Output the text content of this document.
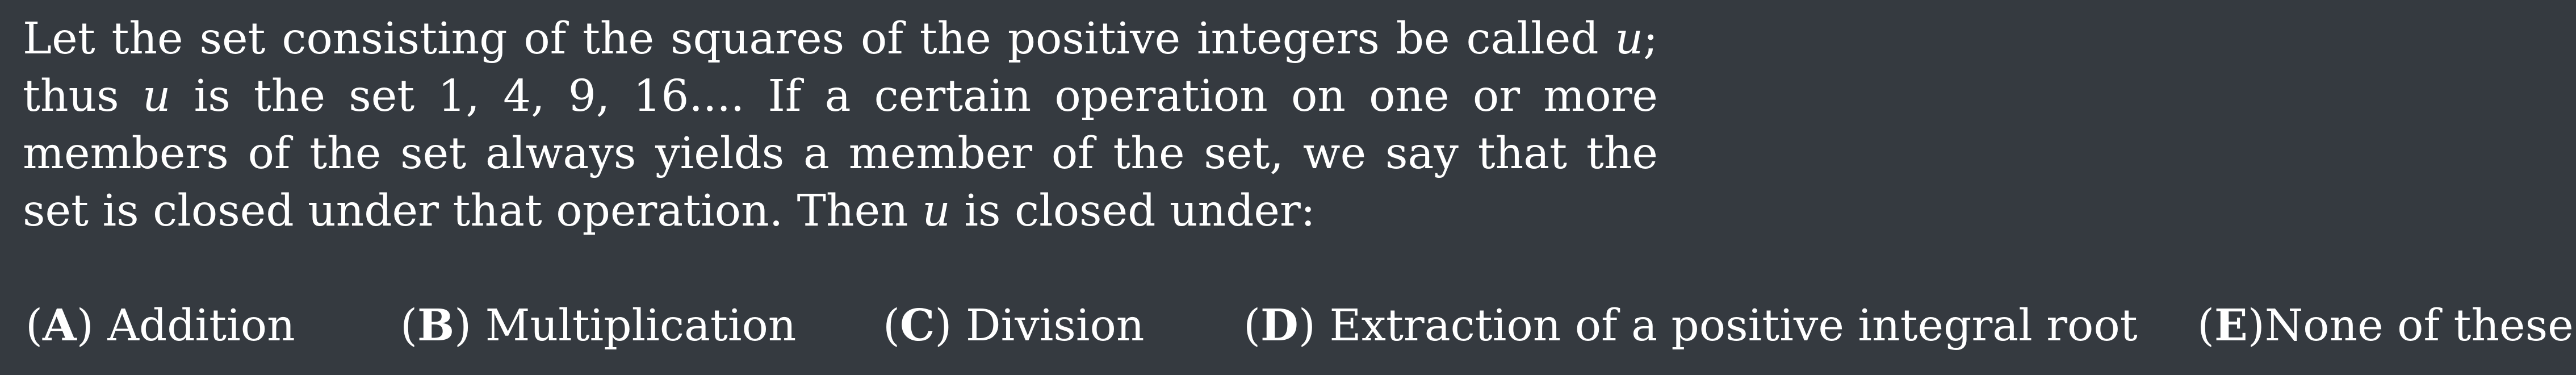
Let the set consisting of the squares of the positive integers be called u; thus u is the set 1, 4, 9, 16.... If a certain operation on one or more members of the set always yields a member of the set, we say that the set is closed under that operation. Then u is closed under:

(A) Addition (B) Multiplication (C) Division (D) Extraction of a positive integral root (E)None of these
